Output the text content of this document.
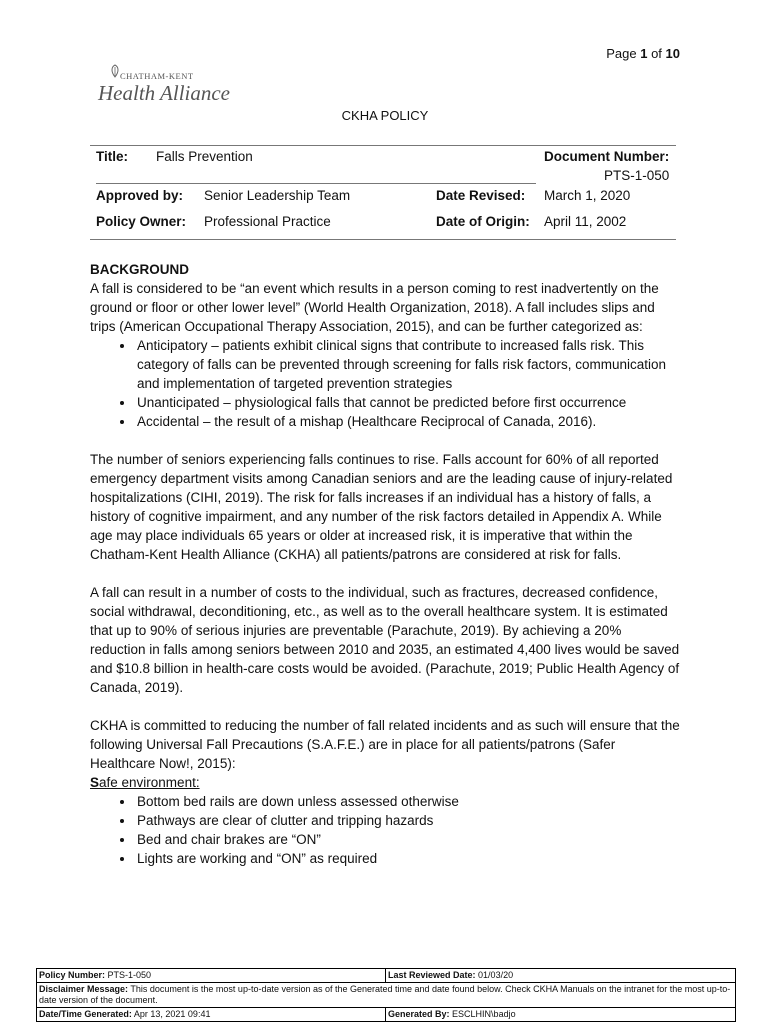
Page 1 of 10
CHATHAM-KENT
Health Alliance
CKHA POLICY
Title: Falls Prevention	Document Number:
PTS-1-050
Approved by: Senior Leadership Team	Date Revised: March 1, 2020
Policy Owner: Professional Practice	Date of Origin: April 11, 2002
BACKGROUND

A fall is considered to be “an event which results in a person coming to rest inadvertently on the ground or floor or other lower level” (World Health Organization, 2018). A fall includes slips and trips (American Occupational Therapy Association, 2015), and can be further categorized as:

• Anticipatory – patients exhibit clinical signs that contribute to increased falls risk. This category of falls can be prevented through screening for falls risk factors, communication and implementation of targeted prevention strategies
• Unanticipated – physiological falls that cannot be predicted before first occurrence
• Accidental – the result of a mishap (Healthcare Reciprocal of Canada, 2016).

The number of seniors experiencing falls continues to rise. Falls account for 60% of all reported emergency department visits among Canadian seniors and are the leading cause of injury-related hospitalizations (CIHI, 2019). The risk for falls increases if an individual has a history of falls, a history of cognitive impairment, and any number of the risk factors detailed in Appendix A. While age may place individuals 65 years or older at increased risk, it is imperative that within the Chatham-Kent Health Alliance (CKHA) all patients/patrons are considered at risk for falls.

A fall can result in a number of costs to the individual, such as fractures, decreased confidence, social withdrawal, deconditioning, etc., as well as to the overall healthcare system. It is estimated that up to 90% of serious injuries are preventable (Parachute, 2019). By achieving a 20% reduction in falls among seniors between 2010 and 2035, an estimated 4,400 lives would be saved and $10.8 billion in health-care costs would be avoided. (Parachute, 2019; Public Health Agency of Canada, 2019).

CKHA is committed to reducing the number of fall related incidents and as such will ensure that the following Universal Fall Precautions (S.A.F.E.) are in place for all patients/patrons (Safer Healthcare Now!, 2015):

Safe environment:
• Bottom bed rails are down unless assessed otherwise
• Pathways are clear of clutter and tripping hazards
• Bed and chair brakes are “ON”
• Lights are working and “ON” as required
Policy Number: PTS-1-050	Last Reviewed Date: 01/03/20
Disclaimer Message: This document is the most up-to-date version as of the Generated time and date found below. Check CKHA Manuals on the intranet for the most up-to-date version of the document.
Date/Time Generated: Apr 13, 2021 09:41	Generated By: ESCLHIN\badjo
